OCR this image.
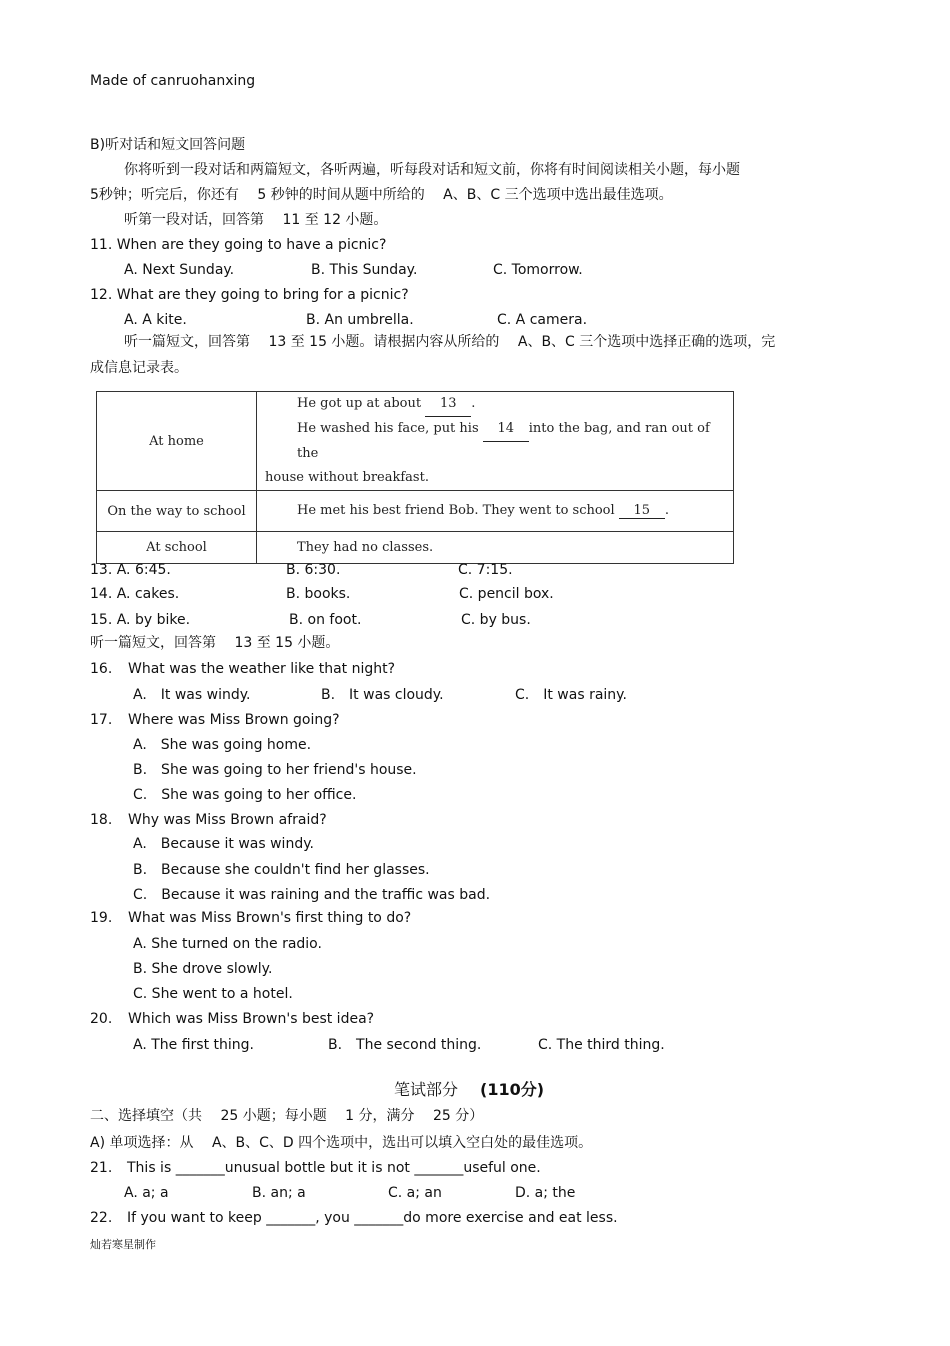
Made of canruohanxing
B)听对话和短文回答问题
你将听到一段对话和两篇短文，各听两遍，听每段对话和短文前，你将有时间阅读相关小题，每小题
5秒钟；听完后，你还有　 5 秒钟的时间从题中所给的　 A、B、C 三个选项中选出最佳选项。
听第一段对话，回答第　 11 至 12 小题。
11. When are they going to have a picnic?
A. Next Sunday.	B. This Sunday.	C. Tomorrow.
12. What are they going to bring for a picnic?
A. A kite.	B. An umbrella.	C. A camera.
听一篇短文，回答第　 13 至 15 小题。请根据内容从所给的　 A、B、C 三个选项中选择正确的选项，完
成信息记录表。
At home	He got up at about 13 .
He washed his face, put his 14 into the bag, and ran out of the
house without breakfast.

On the way to school	He met his best friend Bob. They went to school 15 .

At school	They had no classes.
13. A. 6:45.	B. 6:30.	C. 7:15.
14. A. cakes.	B. books.	C. pencil box.
15. A. by bike.	B. on foot.	C. by bus.
听一篇短文，回答第　 13 至 15 小题。
16. What was the weather like that night?
A.　It was windy.	B.　It was cloudy.	C.　It was rainy.
17. Where was Miss Brown going?
A.　She was going home.
B.　She was going to her friend's house.
C.　She was going to her office.
18. Why was Miss Brown afraid?
A.　Because it was windy.
B.　Because she couldn't find her glasses.
C.　Because it was raining and the traffic was bad.
19. What was Miss Brown's first thing to do?
A. She turned on the radio.
B. She drove slowly.
C. She went to a hotel.
20. Which was Miss Brown's best idea?
A. The first thing.	B.　The second thing.	C. The third thing.
笔试部分 (110分)
二、选择填空（共　 25 小题；每小题　 1 分，满分　 25 分）
A) 单项选择：从　 A、B、C、D 四个选项中，选出可以填入空白处的最佳选项。
21. This is _______unusual bottle but it is not _______useful one.
A. a; a	B. an; a	C. a; an	D. a; the
22. If you want to keep _______, you _______do more exercise and eat less.
灿若寒星制作
